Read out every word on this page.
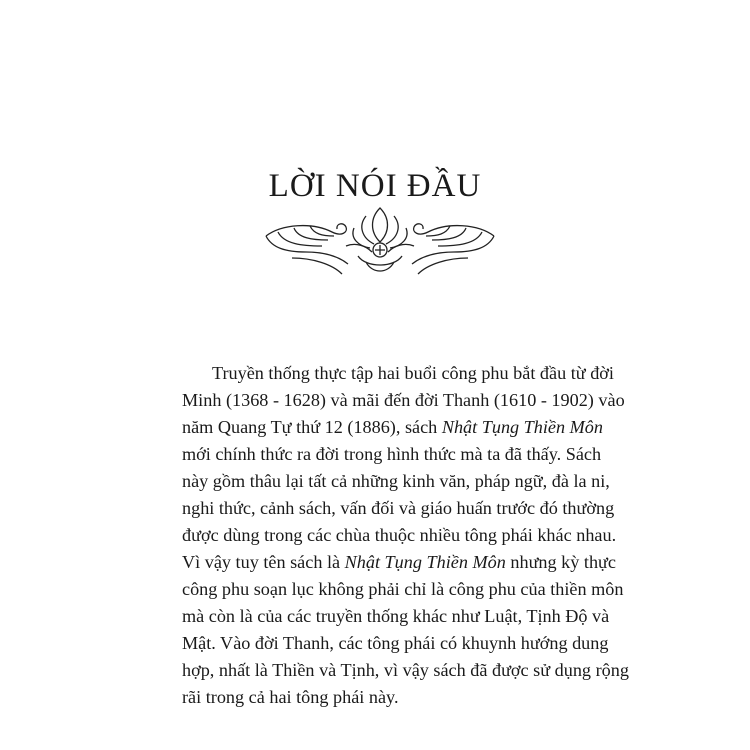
LỜI NÓI ĐẦU
Truyền thống thực tập hai buổi công phu bắt đầu từ đời
Minh (1368 - 1628) và mãi đến đời Thanh (1610 - 1902) vào
năm Quang Tự thứ 12 (1886), sách Nhật Tụng Thiền Môn
mới chính thức ra đời trong hình thức mà ta đã thấy. Sách
này gồm thâu lại tất cả những kinh văn, pháp ngữ, đà la ni,
nghi thức, cảnh sách, vấn đối và giáo huấn trước đó thường
được dùng trong các chùa thuộc nhiều tông phái khác nhau.
Vì vậy tuy tên sách là Nhật Tụng Thiền Môn nhưng kỳ thực
công phu soạn lục không phải chỉ là công phu của thiền môn
mà còn là của các truyền thống khác như Luật, Tịnh Độ và
Mật. Vào đời Thanh, các tông phái có khuynh hướng dung
hợp, nhất là Thiền và Tịnh, vì vậy sách đã được sử dụng rộng
rãi trong cả hai tông phái này.
